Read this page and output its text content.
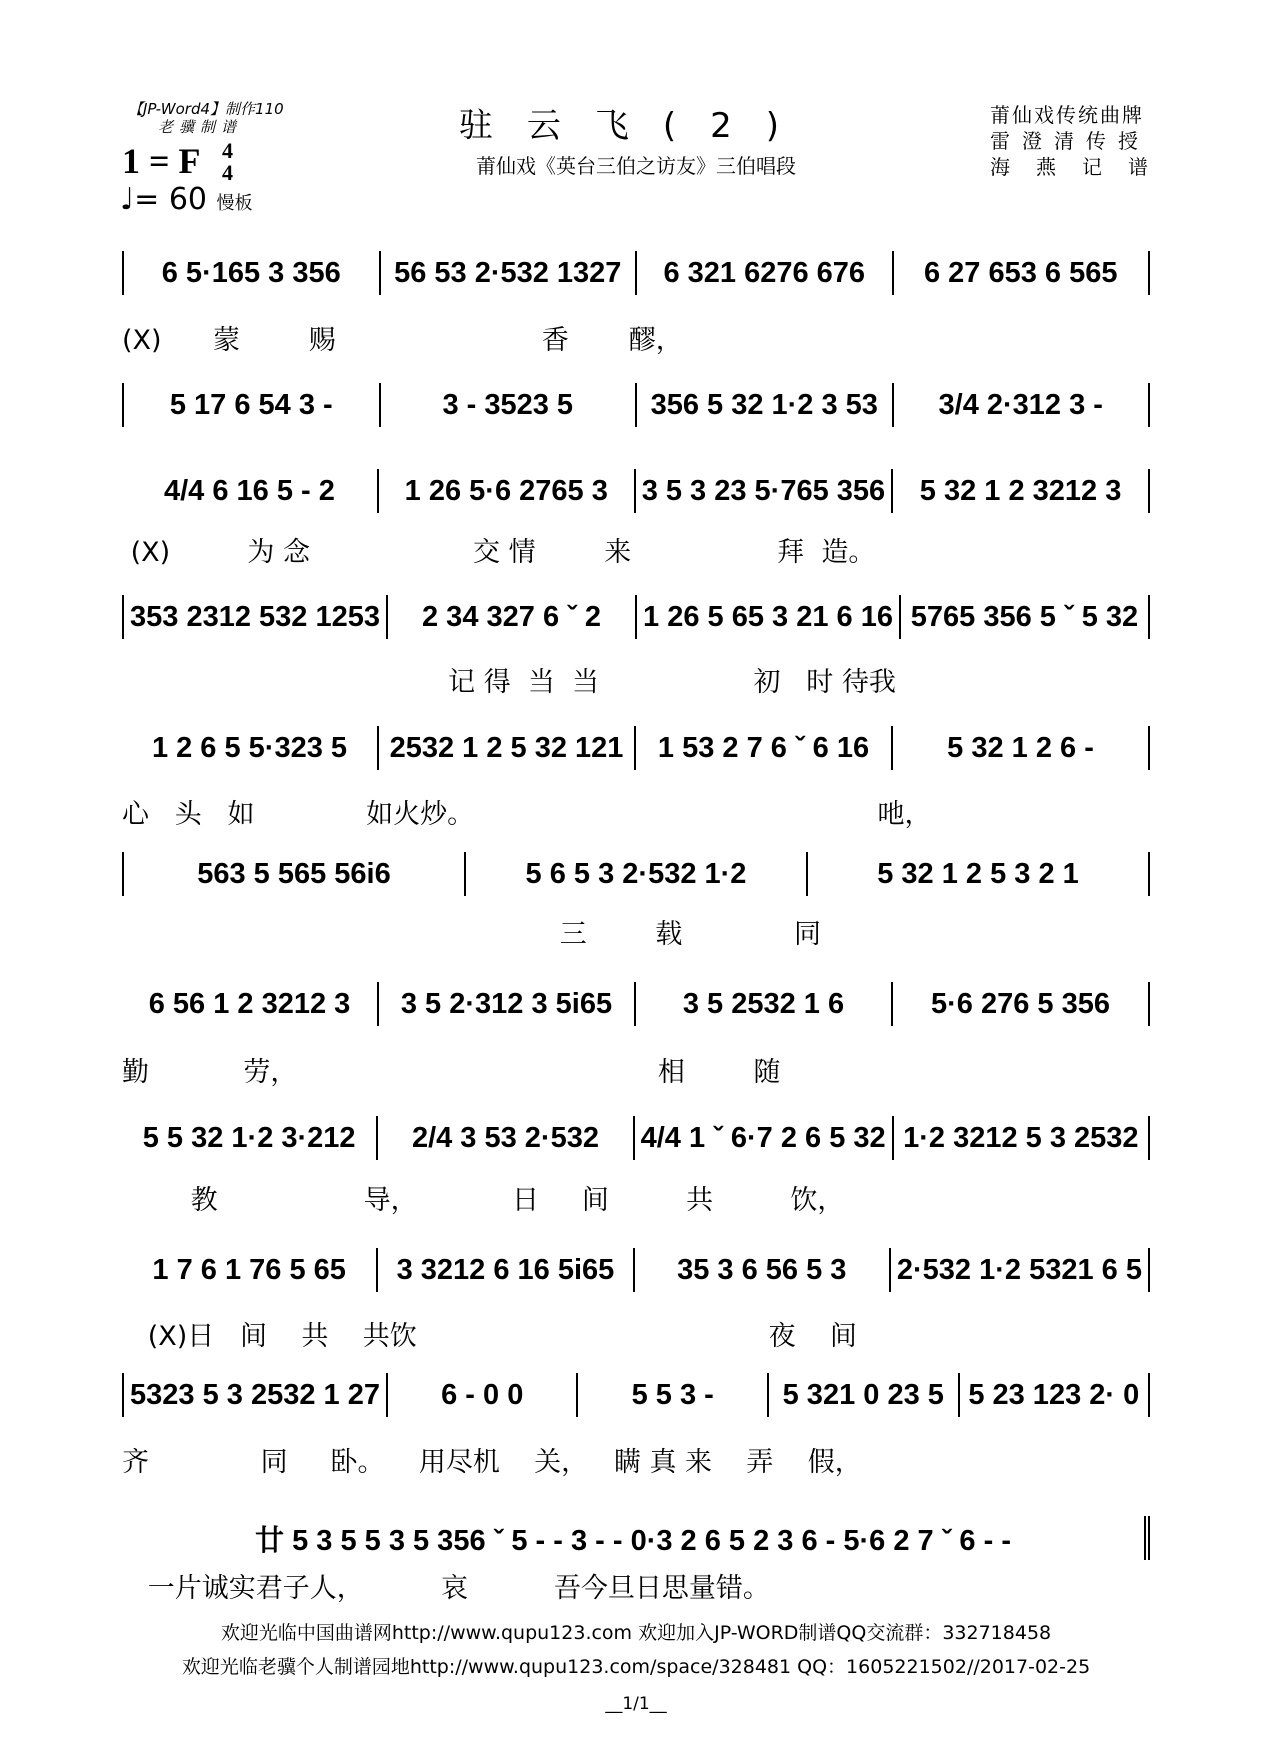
【JP-Word4】制作110
老骥制谱
1 = F 4
4
♩= 60 慢板
驻云飞(2)
莆仙戏《英台三伯之访友》三伯唱段
莆仙戏传统曲牌
雷澄清传授
海燕记谱
6 5·165 3 356	56 53 2·532 1327	6 321 6276 676	6 27 653 6 565
(X)      蒙        赐                        香       醪，
5 17 6 54 3 -	3 - 3523 5	356 5 32 1·2 3 53	3/4 2·312 3 -
4/4 6 16 5 - 2	1 26 5·6 2765 3	3 5 3 23 5·765 356	5 32 1 2 3212 3
(X)         为 念                   交 情        来                 拜  造。
353 2312 532 1253	2 34 327 6 ˇ 2	1 26 5 65 3 21 6 16 5765 356 5 ˇ 5 32
记 得  当  当                  初   时 待我
1 2 6 5 5·323 5	2532 1 2 5 32 121	1 53 2 7 6 ˇ 6 16	5 32 1 2 6 -
心   头   如             如火炒。                                               吔，
563 5 565 56i6	5 6 5 3 2·532 1·2	5 32 1 2 5 3 2 1
三        载             同
6 56 1 2 3212 3	3 5 2·312 3 5i65	3 5 2532 1 6	5·6 276 5 356
勤           劳，                                          相        随
5 5 32 1·2 3·212	2/4 3 53 2·532	4/4 1 ˇ 6·7 2 6 5 32 1·2 3212 5 3 2532
教                 导，           日     间         共         饮，
1 7 6 1 76 5 65	3 3212 6 16 5i65	35 3 6 56 5 3	2·532 1·2 5321 6 5
(X)日   间    共    共饮                                         夜    间
5323 5 3 2532 1 27	6 - 0 0	5 5 3 -	5 321 0 23 5 5 23 123 2· 0
齐             同     卧。    用尽机    关，   瞒 真 来    弄    假，
廿 5 3 5 5 3 5 356 ˇ 5 - - 3 - - 0·3 2 6 5 2 3 6 - 5·6 2 7 ˇ 6 - -
一片诚实君子人，         哀          吾今旦日思量错。
欢迎光临中国曲谱网http://www.qupu123.com 欢迎加入JP-WORD制谱QQ交流群：332718458
欢迎光临老骥个人制谱园地http://www.qupu123.com/space/328481 QQ：1605221502//2017-02-25
__1/1__
